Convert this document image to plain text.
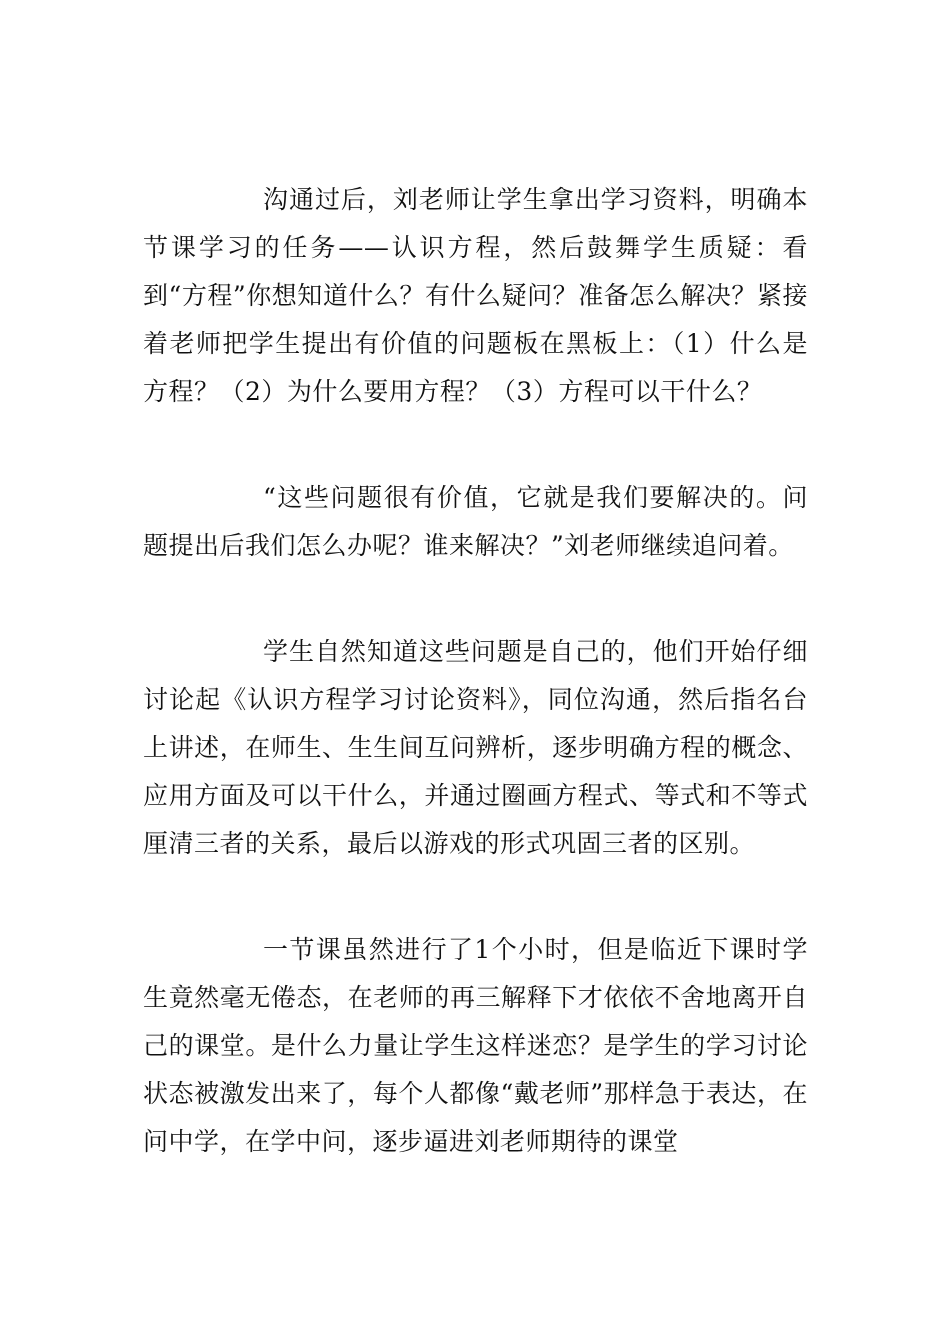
沟通过后，刘老师让学生拿出学习资料，明确本节课学习的任务——认识方程，然后鼓舞学生质疑：看到“方程”你想知道什么？有什么疑问？准备怎么解决？紧接着老师把学生提出有价值的问题板在黑板上：（1）什么是方程？（2）为什么要用方程？（3）方程可以干什么？

“这些问题很有价值，它就是我们要解决的。问题提出后我们怎么办呢？谁来解决？”刘老师继续追问着。

学生自然知道这些问题是自己的，他们开始仔细讨论起《认识方程学习讨论资料》，同位沟通，然后指名台上讲述，在师生、生生间互问辨析，逐步明确方程的概念、应用方面及可以干什么，并通过圈画方程式、等式和不等式厘清三者的关系，最后以游戏的形式巩固三者的区别。

一节课虽然进行了1个小时，但是临近下课时学生竟然毫无倦态，在老师的再三解释下才依依不舍地离开自己的课堂。是什么力量让学生这样迷恋？是学生的学习讨论状态被激发出来了，每个人都像“戴老师”那样急于表达，在问中学，在学中问，逐步逼进刘老师期待的课堂
